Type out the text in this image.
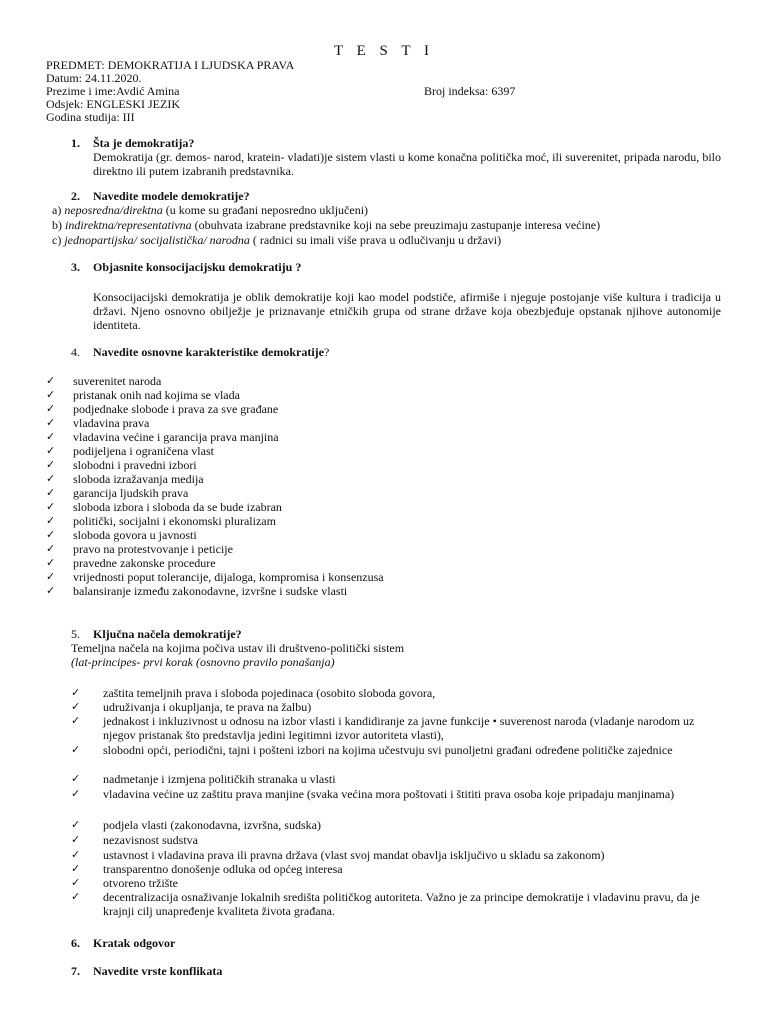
T E S T I
PREDMET: DEMOKRATIJA I LJUDSKA PRAVA
Datum: 24.11.2020.
Prezime i ime:Avdić Amina	Broj indeksa: 6397
Odsjek: ENGLESKI JEZIK
Godina studija: III
1. Šta je demokratija?
Demokratija (gr. demos- narod, kratein- vladati)je sistem vlasti u kome konačna politička moć, ili suverenitet, pripada narodu, bilo direktno ili putem izabranih predstavnika.
2. Navedite modele demokratije?
a) neposredna/direktna (u kome su građani neposredno uključeni)
b) indirektna/representativna (obuhvata izabrane predstavnike koji na sebe preuzimaju zastupanje interesa većine)
c) jednopartijska/ socijalistička/ narodna ( radnici su imali više prava u odlučivanju u državi)
3. Objasnite konsocijacijsku demokratiju ?
Konsocijacijski demokratija je oblik demokratije koji kao model podstiče, afirmiše i njeguje postojanje više kultura i tradicija u državi. Njeno osnovno obilježje je priznavanje etničkih grupa od strane države koja obezbjeđuje opstanak njihove autonomije identiteta.
4. Navedite osnovne karakteristike demokratije?
✓ suverenitet naroda
✓ pristanak onih nad kojima se vlada
✓ podjednake slobode i prava za sve građane
✓ vladavina prava
✓ vladavina većine i garancija prava manjina
✓ podijeljena i ograničena vlast
✓ slobodni i pravedni izbori
✓ sloboda izražavanja medija
✓ garancija ljudskih prava
✓ sloboda izbora i sloboda da se bude izabran
✓ politički, socijalni i ekonomski pluralizam
✓ sloboda govora u javnosti
✓ pravo na protestvovanje i peticije
✓ pravedne zakonske procedure
✓ vrijednosti poput tolerancije, dijaloga, kompromisa i konsenzusa
✓ balansiranje između zakonodavne, izvršne i sudske vlasti
5. Ključna načela demokratije?
Temeljna načela na kojima počiva ustav ili društveno-politički sistem
(lat-principes- prvi korak (osnovno pravilo ponašanja)
✓ zaštita temeljnih prava i sloboda pojedinaca (osobito sloboda govora,
✓ udruživanja i okupljanja, te prava na žalbu)
✓ jednakost i inkluzivnost u odnosu na izbor vlasti i kandidiranje za javne funkcije • suverenost naroda (vladanje narodom uz njegov pristanak što predstavlja jedini legitimni izvor autoriteta vlasti),
✓ slobodni opći, periodični, tajni i pošteni izbori na kojima učestvuju svi punoljetni građani određene političke zajednice
✓ nadmetanje i izmjena političkih stranaka u vlasti
✓ vladavina većine uz zaštitu prava manjine (svaka većina mora poštovati i štititi prava osoba koje pripadaju manjinama)
✓ podjela vlasti (zakonodavna, izvršna, sudska)
✓ nezavisnost sudstva
✓ ustavnost i vladavina prava ili pravna država (vlast svoj mandat obavlja isključivo u skladu sa zakonom)
✓ transparentno donošenje odluka od općeg interesa
✓ otvoreno tržište
✓ decentralizacija osnaživanje lokalnih središta političkog autoriteta. Važno je za principe demokratije i vladavinu pravu, da je krajnji cilj unapređenje kvaliteta života građana.
6. Kratak odgovor
7. Navedite vrste konflikata
